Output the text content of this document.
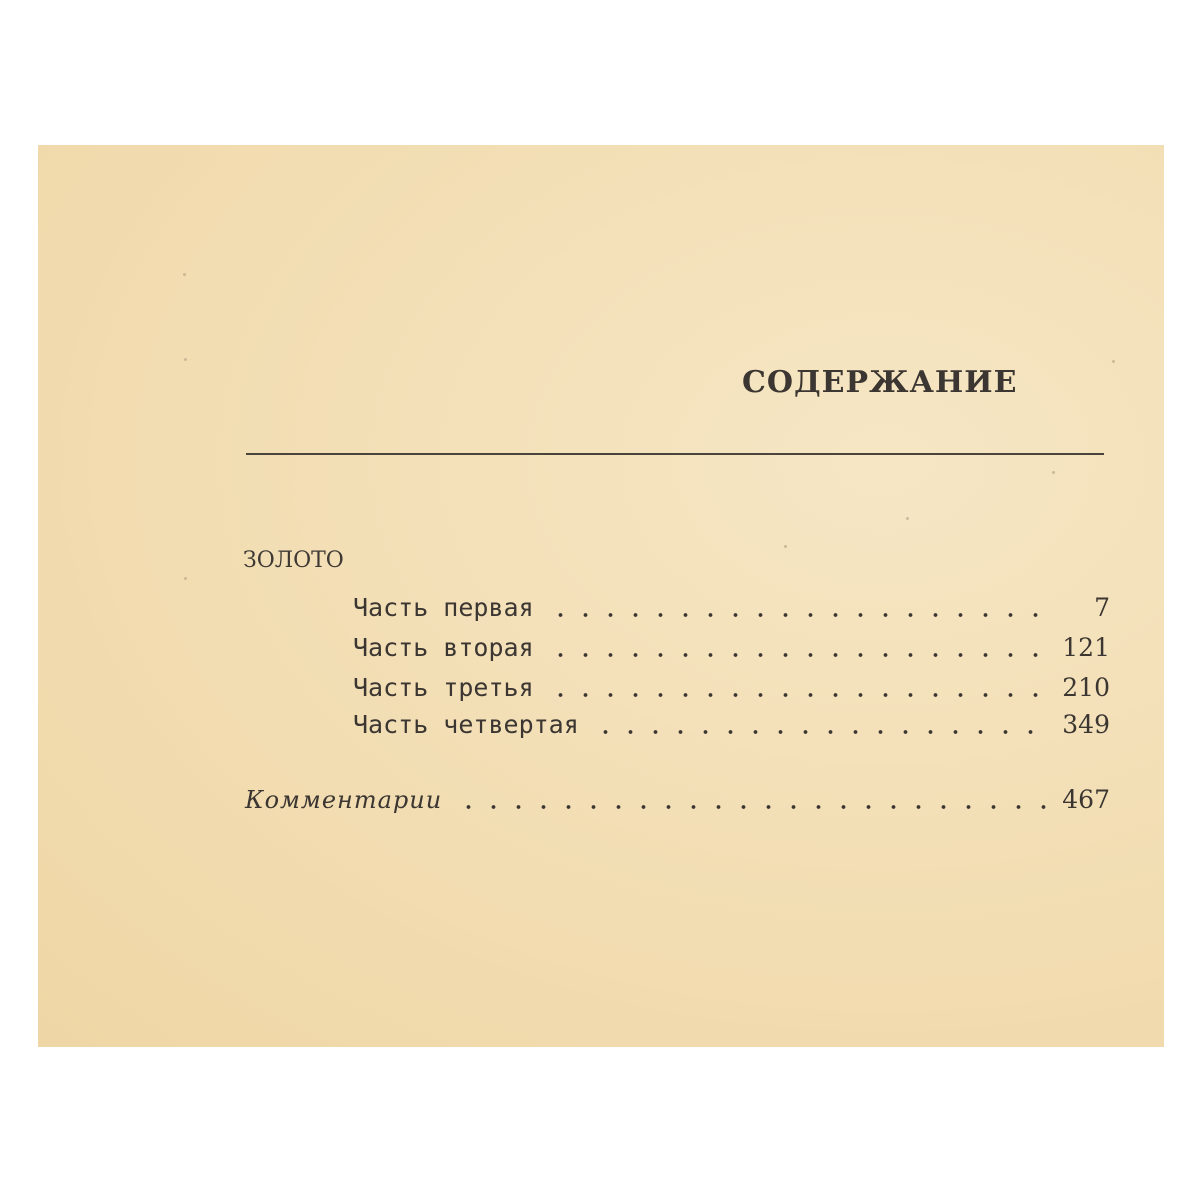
СОДЕРЖАНИЕ
ЗОЛОТО
Часть первая	7
Часть вторая	121
Часть третья	210
Часть четвертая	349
Комментарии	467
